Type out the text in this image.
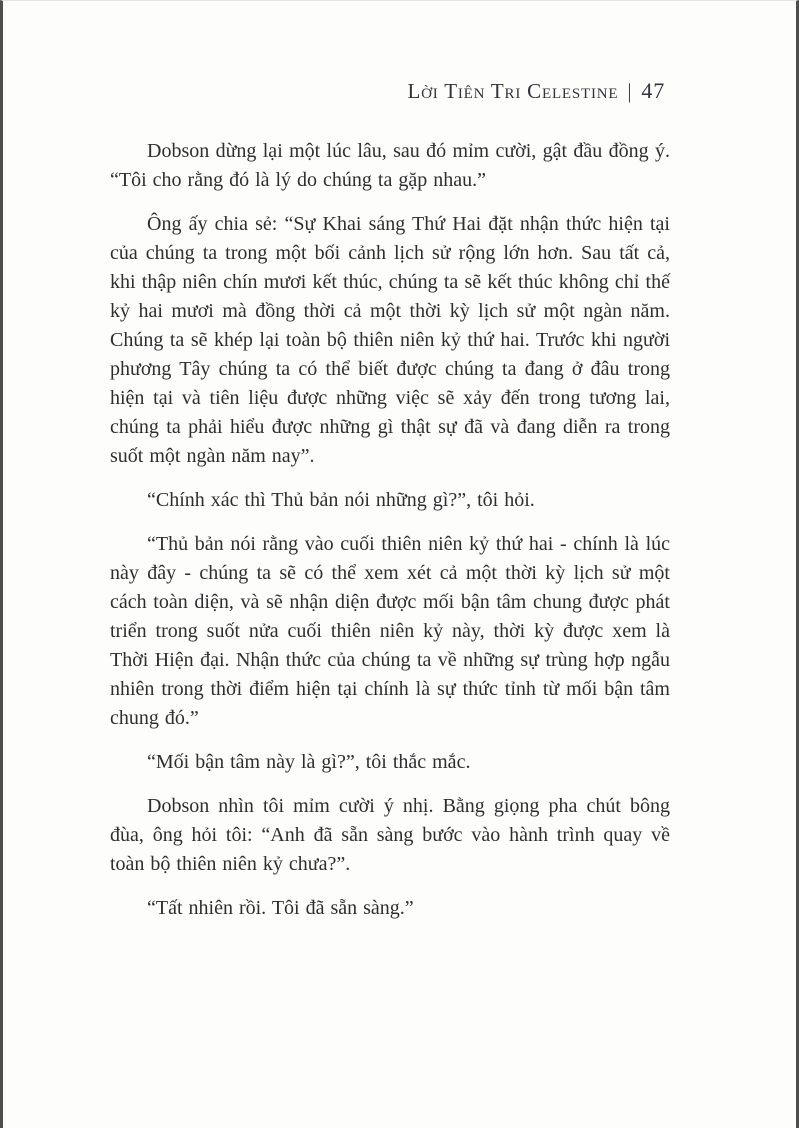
Lời Tiên Tri Celestine | 47

Dobson dừng lại một lúc lâu, sau đó mỉm cười, gật đầu đồng ý. “Tôi cho rằng đó là lý do chúng ta gặp nhau.”

Ông ấy chia sẻ: “Sự Khai sáng Thứ Hai đặt nhận thức hiện tại của chúng ta trong một bối cảnh lịch sử rộng lớn hơn. Sau tất cả, khi thập niên chín mươi kết thúc, chúng ta sẽ kết thúc không chỉ thế kỷ hai mươi mà đồng thời cả một thời kỳ lịch sử một ngàn năm. Chúng ta sẽ khép lại toàn bộ thiên niên kỷ thứ hai. Trước khi người phương Tây chúng ta có thể biết được chúng ta đang ở đâu trong hiện tại và tiên liệu được những việc sẽ xảy đến trong tương lai, chúng ta phải hiểu được những gì thật sự đã và đang diễn ra trong suốt một ngàn năm nay”.

“Chính xác thì Thủ bản nói những gì?”, tôi hỏi.

“Thủ bản nói rằng vào cuối thiên niên kỷ thứ hai - chính là lúc này đây - chúng ta sẽ có thể xem xét cả một thời kỳ lịch sử một cách toàn diện, và sẽ nhận diện được mối bận tâm chung được phát triển trong suốt nửa cuối thiên niên kỷ này, thời kỳ được xem là Thời Hiện đại. Nhận thức của chúng ta về những sự trùng hợp ngẫu nhiên trong thời điểm hiện tại chính là sự thức tỉnh từ mối bận tâm chung đó.”

“Mối bận tâm này là gì?”, tôi thắc mắc.

Dobson nhìn tôi mỉm cười ý nhị. Bằng giọng pha chút bông đùa, ông hỏi tôi: “Anh đã sẵn sàng bước vào hành trình quay về toàn bộ thiên niên kỷ chưa?”.

“Tất nhiên rồi. Tôi đã sẵn sàng.”
